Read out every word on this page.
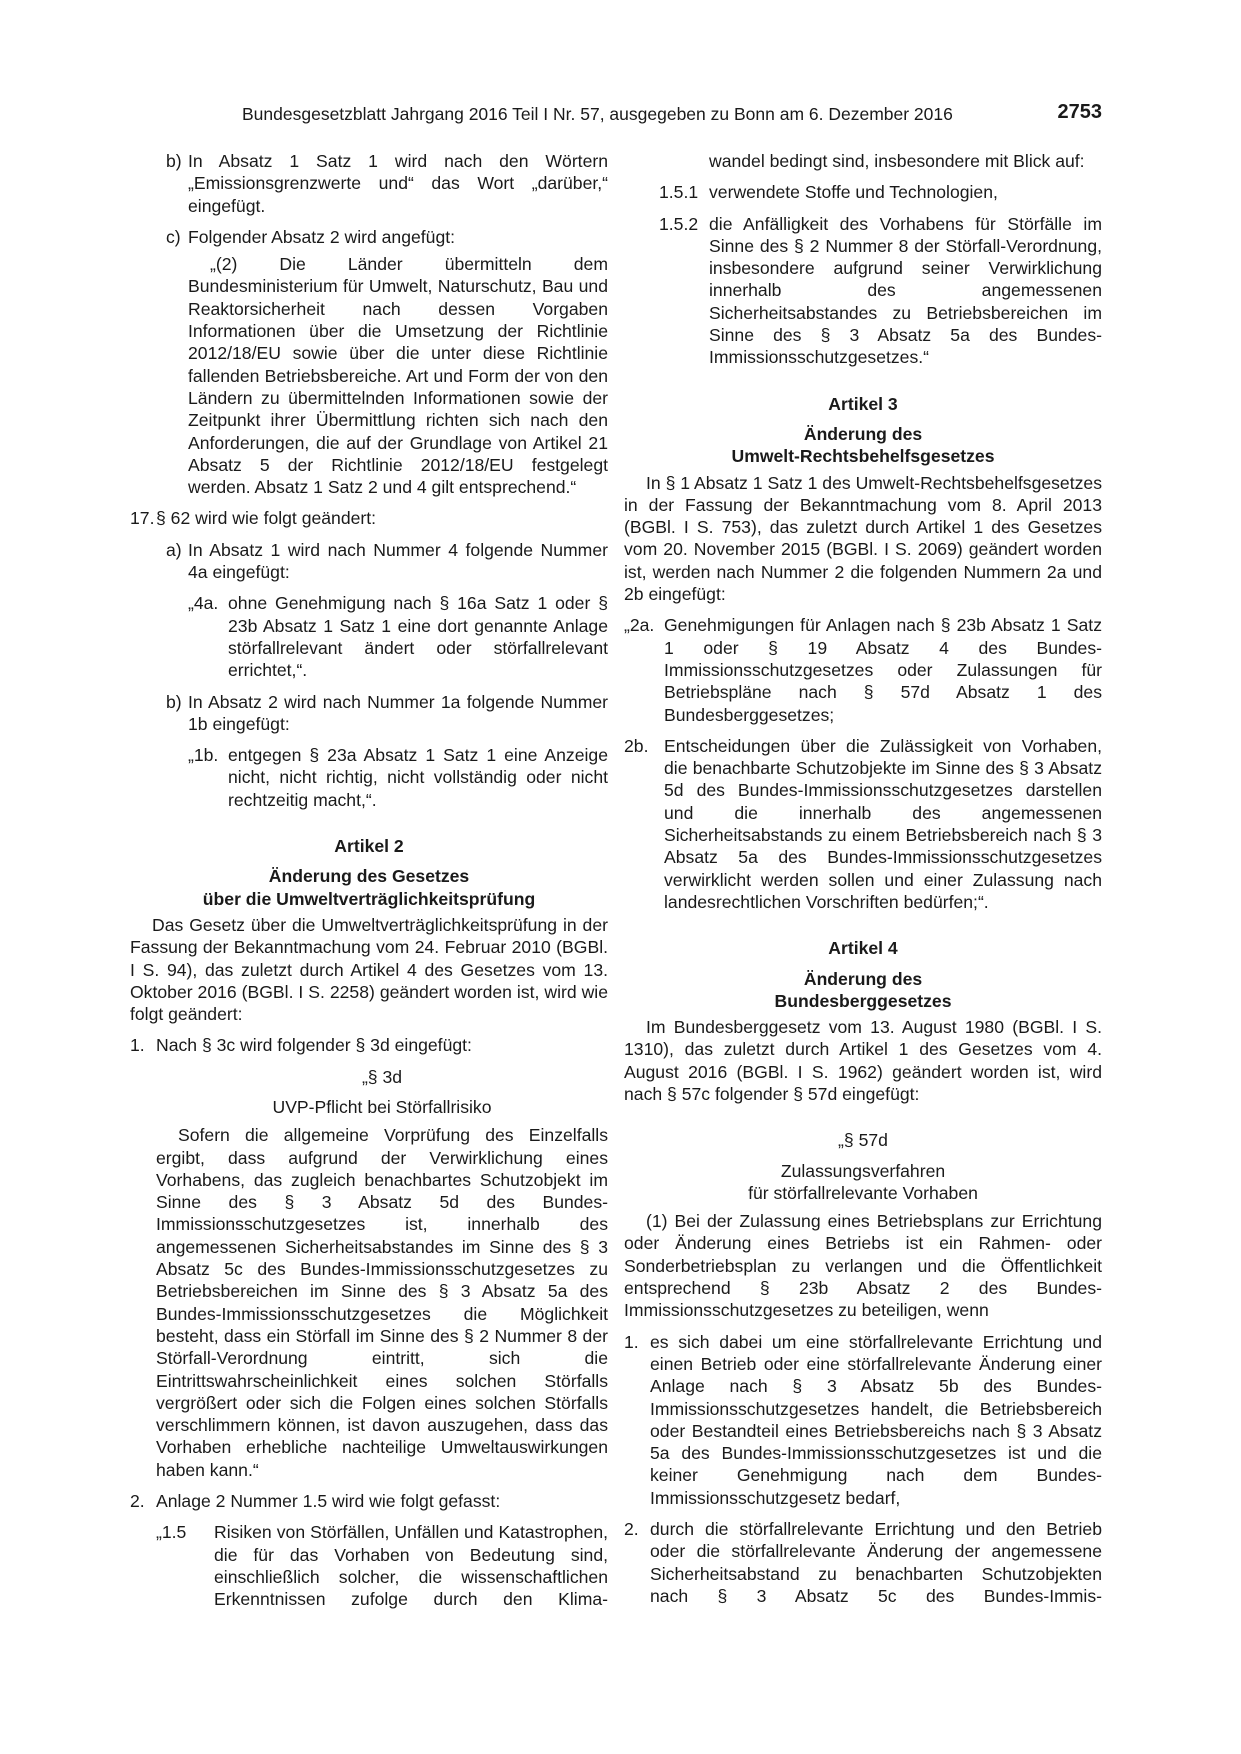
Bundesgesetzblatt Jahrgang 2016 Teil I Nr. 57, ausgegeben zu Bonn am 6. Dezember 2016	2753
b) In Absatz 1 Satz 1 wird nach den Wörtern „Emissionsgrenzwerte und“ das Wort „darüber,“ eingefügt.
c) Folgender Absatz 2 wird angefügt:

„(2) Die Länder übermitteln dem Bundesministerium für Umwelt, Naturschutz, Bau und Reaktorsicherheit nach dessen Vorgaben Informationen über die Umsetzung der Richtlinie 2012/18/EU sowie über die unter diese Richtlinie fallenden Betriebsbereiche. Art und Form der von den Ländern zu übermittelnden Informationen sowie der Zeitpunkt ihrer Übermittlung richten sich nach den Anforderungen, die auf der Grundlage von Artikel 21 Absatz 5 der Richtlinie 2012/18/EU festgelegt werden. Absatz 1 Satz 2 und 4 gilt entsprechend.“

17. § 62 wird wie folgt geändert:
a) In Absatz 1 wird nach Nummer 4 folgende Nummer 4a eingefügt:
„4a. ohne Genehmigung nach § 16a Satz 1 oder § 23b Absatz 1 Satz 1 eine dort genannte Anlage störfallrelevant ändert oder störfallrelevant errichtet,“.
b) In Absatz 2 wird nach Nummer 1a folgende Nummer 1b eingefügt:
„1b. entgegen § 23a Absatz 1 Satz 1 eine Anzeige nicht, nicht richtig, nicht vollständig oder nicht rechtzeitig macht,“.

Artikel 2

Änderung des Gesetzes

über die Umweltverträglichkeitsprüfung

Das Gesetz über die Umweltverträglichkeitsprüfung in der Fassung der Bekanntmachung vom 24. Februar 2010 (BGBl. I S. 94), das zuletzt durch Artikel 4 des Gesetzes vom 13. Oktober 2016 (BGBl. I S. 2258) geändert worden ist, wird wie folgt geändert:

1. Nach § 3c wird folgender § 3d eingefügt:

„§ 3d

UVP-Pflicht bei Störfallrisiko

Sofern die allgemeine Vorprüfung des Einzelfalls ergibt, dass aufgrund der Verwirklichung eines Vorhabens, das zugleich benachbartes Schutzobjekt im Sinne des § 3 Absatz 5d des Bundes-Immissionsschutzgesetzes ist, innerhalb des angemessenen Sicherheitsabstandes im Sinne des § 3 Absatz 5c des Bundes-Immissionsschutzgesetzes zu Betriebsbereichen im Sinne des § 3 Absatz 5a des Bundes-Immissionsschutzgesetzes die Möglichkeit besteht, dass ein Störfall im Sinne des § 2 Nummer 8 der Störfall-Verordnung eintritt, sich die Eintrittswahrscheinlichkeit eines solchen Störfalls vergrößert oder sich die Folgen eines solchen Störfalls verschlimmern können, ist davon auszugehen, dass das Vorhaben erhebliche nachteilige Umweltauswirkungen haben kann.“

2. Anlage 2 Nummer 1.5 wird wie folgt gefasst:
„1.5	Risiken von Störfällen, Unfällen und Katastrophen, die für das Vorhaben von Bedeutung sind, einschließlich solcher, die wissenschaftlichen Erkenntnissen zufolge durch den Klima-

wandel bedingt sind, insbesondere mit Blick auf:

1.5.1 verwendete Stoffe und Technologien,
1.5.2 die Anfälligkeit des Vorhabens für Störfälle im Sinne des § 2 Nummer 8 der Störfall-Verordnung, insbesondere aufgrund seiner Verwirklichung innerhalb des angemessenen Sicherheitsabstandes zu Betriebsbereichen im Sinne des § 3 Absatz 5a des Bundes-Immissionsschutzgesetzes.“

Artikel 3

Änderung des

Umwelt-Rechtsbehelfsgesetzes

In § 1 Absatz 1 Satz 1 des Umwelt-Rechtsbehelfsgesetzes in der Fassung der Bekanntmachung vom 8. April 2013 (BGBl. I S. 753), das zuletzt durch Artikel 1 des Gesetzes vom 20. November 2015 (BGBl. I S. 2069) geändert worden ist, werden nach Nummer 2 die folgenden Nummern 2a und 2b eingefügt:

„2a. Genehmigungen für Anlagen nach § 23b Absatz 1 Satz 1 oder § 19 Absatz 4 des Bundes-Immissionsschutzgesetzes oder Zulassungen für Betriebspläne nach § 57d Absatz 1 des Bundesberggesetzes;
2b. Entscheidungen über die Zulässigkeit von Vorhaben, die benachbarte Schutzobjekte im Sinne des § 3 Absatz 5d des Bundes-Immissionsschutzgesetzes darstellen und die innerhalb des angemessenen Sicherheitsabstands zu einem Betriebsbereich nach § 3 Absatz 5a des Bundes-Immissionsschutzgesetzes verwirklicht werden sollen und einer Zulassung nach landesrechtlichen Vorschriften bedürfen;“.

Artikel 4

Änderung des

Bundesberggesetzes

Im Bundesberggesetz vom 13. August 1980 (BGBl. I S. 1310), das zuletzt durch Artikel 1 des Gesetzes vom 4. August 2016 (BGBl. I S. 1962) geändert worden ist, wird nach § 57c folgender § 57d eingefügt:

„§ 57d

Zulassungsverfahren

für störfallrelevante Vorhaben

(1) Bei der Zulassung eines Betriebsplans zur Errichtung oder Änderung eines Betriebs ist ein Rahmen- oder Sonderbetriebsplan zu verlangen und die Öffentlichkeit entsprechend § 23b Absatz 2 des Bundes-Immissionsschutzgesetzes zu beteiligen, wenn

1. es sich dabei um eine störfallrelevante Errichtung und einen Betrieb oder eine störfallrelevante Änderung einer Anlage nach § 3 Absatz 5b des Bundes-Immissionsschutzgesetzes handelt, die Betriebsbereich oder Bestandteil eines Betriebsbereichs nach § 3 Absatz 5a des Bundes-Immissionsschutzgesetzes ist und die keiner Genehmigung nach dem Bundes-Immissionsschutzgesetz bedarf,
2. durch die störfallrelevante Errichtung und den Betrieb oder die störfallrelevante Änderung der angemessene Sicherheitsabstand zu benachbarten Schutzobjekten nach § 3 Absatz 5c des Bundes-Immis-
